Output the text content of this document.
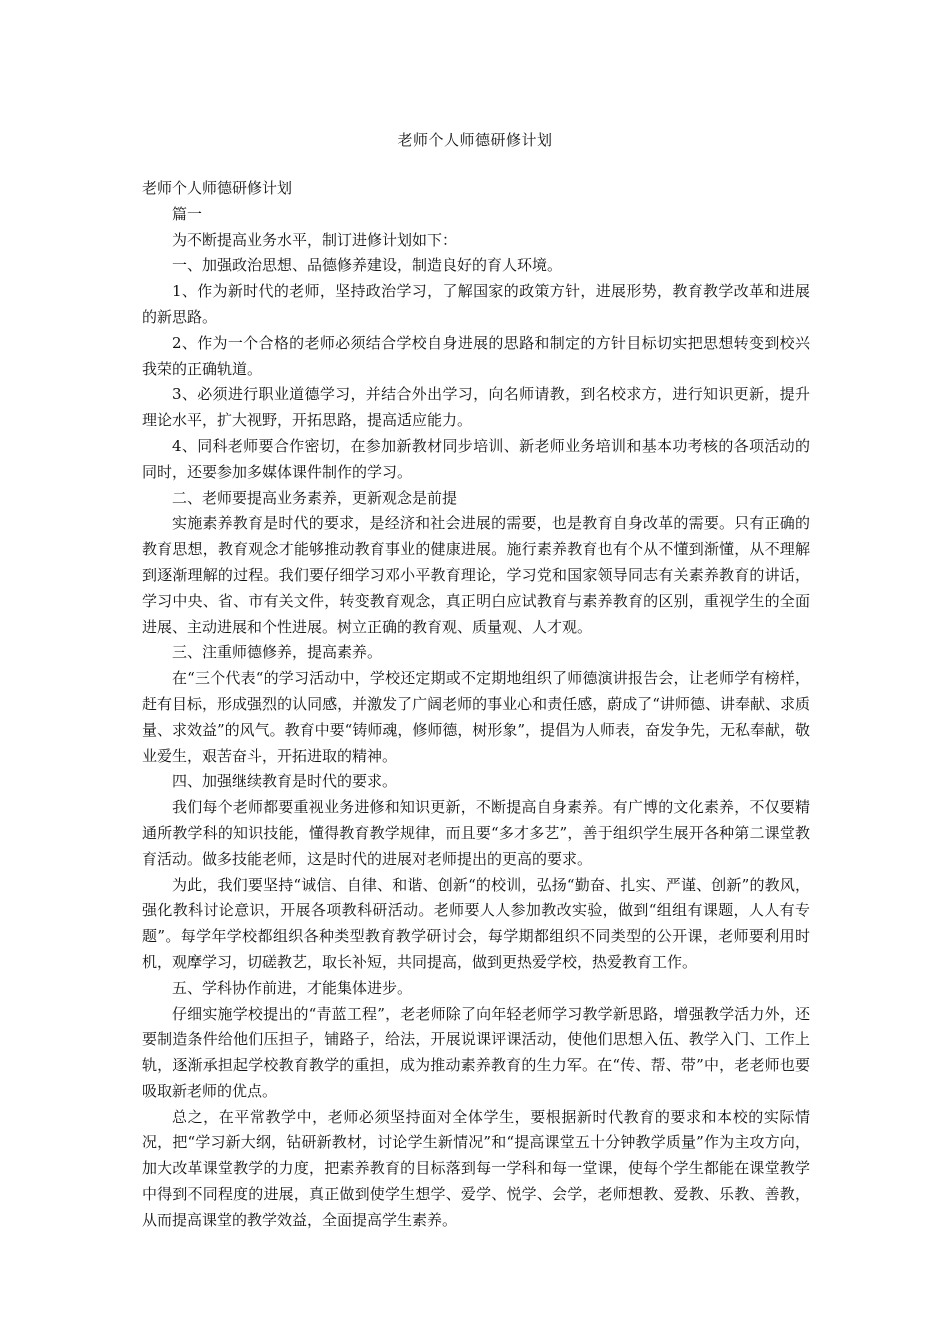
老师个人师德研修计划

老师个人师德研修计划

篇一

为不断提高业务水平，制订进修计划如下：

一、加强政治思想、品德修养建设，制造良好的育人环境。

1、作为新时代的老师，坚持政治学习，了解国家的政策方针，进展形势，教育教学改革和进展的新思路。

2、作为一个合格的老师必须结合学校自身进展的思路和制定的方针目标切实把思想转变到校兴我荣的正确轨道。

3、必须进行职业道德学习，并结合外出学习，向名师请教，到名校求方，进行知识更新，提升理论水平，扩大视野，开拓思路，提高适应能力。

4、同科老师要合作密切，在参加新教材同步培训、新老师业务培训和基本功考核的各项活动的同时，还要参加多媒体课件制作的学习。

二、老师要提高业务素养，更新观念是前提

实施素养教育是时代的要求，是经济和社会进展的需要，也是教育自身改革的需要。只有正确的教育思想，教育观念才能够推动教育事业的健康进展。施行素养教育也有个从不懂到渐懂，从不理解到逐渐理解的过程。我们要仔细学习邓小平教育理论，学习党和国家领导同志有关素养教育的讲话，学习中央、省、市有关文件，转变教育观念，真正明白应试教育与素养教育的区别，重视学生的全面进展、主动进展和个性进展。树立正确的教育观、质量观、人才观。

三、注重师德修养，提高素养。

在“三个代表“的学习活动中，学校还定期或不定期地组织了师德演讲报告会，让老师学有榜样，赶有目标，形成强烈的认同感，并激发了广阔老师的事业心和责任感，蔚成了“讲师德、讲奉献、求质量、求效益”的风气。教育中要“铸师魂，修师德，树形象”，提倡为人师表，奋发争先，无私奉献，敬业爱生，艰苦奋斗，开拓进取的精神。

四、加强继续教育是时代的要求。

我们每个老师都要重视业务进修和知识更新，不断提高自身素养。有广博的文化素养，不仅要精通所教学科的知识技能，懂得教育教学规律，而且要“多才多艺”，善于组织学生展开各种第二课堂教育活动。做多技能老师，这是时代的进展对老师提出的更高的要求。

为此，我们要坚持“诚信、自律、和谐、创新“的校训，弘扬“勤奋、扎实、严谨、创新”的教风，强化教科讨论意识，开展各项教科研活动。老师要人人参加教改实验，做到“组组有课题，人人有专题”。每学年学校都组织各种类型教育教学研讨会，每学期都组织不同类型的公开课，老师要利用时机，观摩学习，切磋教艺，取长补短，共同提高，做到更热爱学校，热爱教育工作。

五、学科协作前进，才能集体进步。

仔细实施学校提出的“青蓝工程”，老老师除了向年轻老师学习教学新思路，增强教学活力外，还要制造条件给他们压担子，铺路子，给法，开展说课评课活动，使他们思想入伍、教学入门、工作上轨，逐渐承担起学校教育教学的重担，成为推动素养教育的生力军。在“传、帮、带”中，老老师也要吸取新老师的优点。

总之，在平常教学中，老师必须坚持面对全体学生，要根据新时代教育的要求和本校的实际情况，把“学习新大纲，钻研新教材，讨论学生新情况”和“提高课堂五十分钟教学质量”作为主攻方向，加大改革课堂教学的力度，把素养教育的目标落到每一学科和每一堂课，使每个学生都能在课堂教学中得到不同程度的进展，真正做到使学生想学、爱学、悦学、会学，老师想教、爱教、乐教、善教，从而提高课堂的教学效益，全面提高学生素养。
